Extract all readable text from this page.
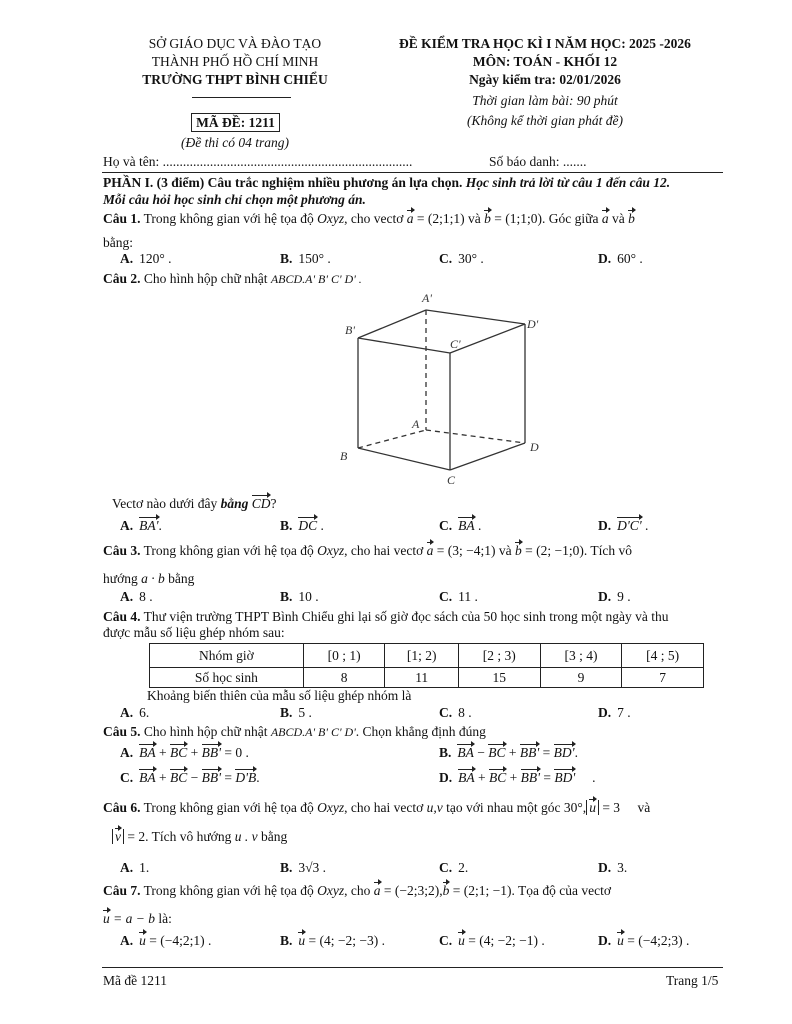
SỞ GIÁO DỤC VÀ ĐÀO TẠO
THÀNH PHỐ HỒ CHÍ MINH
TRƯỜNG THPT BÌNH CHIỂU
MÃ ĐỀ: 1211
(Đề thi có 04 trang)
ĐỀ KIỂM TRA HỌC KÌ I NĂM HỌC: 2025 -2026
MÔN: TOÁN - KHỐI 12
Ngày kiểm tra: 02/01/2026
Thời gian làm bài: 90 phút
(Không kể thời gian phát đề)
Họ và tên: ..........................................................................	Số báo danh: .......
PHẦN I. (3 điểm) Câu trắc nghiệm nhiều phương án lựa chọn. Học sinh trả lời từ câu 1 đến câu 12.
Mỗi câu hỏi học sinh chỉ chọn một phương án.
Câu 1. Trong không gian với hệ tọa độ Oxyz, cho vectơ a = (2;1;1) và b = (1;1;0). Góc giữa a và b
bằng:
A. 120° .	B. 150° .	C. 30° .	D. 60° .
Câu 2. Cho hình hộp chữ nhật ABCD.A' B' C' D' .
A'
B'
C'
D'
A
B
C
D
Vectơ nào dưới đây bằng CD?
A. BA'.	B. DC .	C. BA .	D. D'C' .
Câu 3. Trong không gian với hệ tọa độ Oxyz, cho hai vectơ a = (3; −4;1) và b = (2; −1;0). Tích vô
hướng a · b bằng
A. 8 .	B. 10 .	C. 11 .	D. 9 .
Câu 4. Thư viện trường THPT Bình Chiểu ghi lại số giờ đọc sách của 50 học sinh trong một ngày và thu
được mẫu số liệu ghép nhóm sau:
Nhóm giờ	[0 ; 1)	[1; 2)	[2 ; 3)	[3 ; 4)	[4 ; 5)
Số học sinh	8	11	15	9	7
Khoảng biến thiên của mẫu số liệu ghép nhóm là
A. 6.	B. 5 .	C. 8 .	D. 7 .
Câu 5. Cho hình hộp chữ nhật ABCD.A' B' C' D'. Chọn khẳng định đúng
A. BA + BC + BB' = 0 .	B. BA − BC + BB' = BD'.
C. BA + BC − BB' = D'B.	D. BA + BC + BB' = BD'     .
Câu 6. Trong không gian với hệ tọa độ Oxyz, cho hai vectơ u,v tạo với nhau một góc 30°, u = 3 và
v = 2. Tích vô hướng u . v bằng
A. 1.	B. 3√3 .	C. 2.	D. 3.
Câu 7. Trong không gian với hệ tọa độ Oxyz, cho a = (−2;3;2),b = (2;1; −1). Tọa độ của vectơ
u = a − b là:
A. u = (−4;2;1) .	B. u = (4; −2; −3) .	C. u = (4; −2; −1) .	D. u = (−4;2;3) .
Mã đề 1211	Trang 1/5
